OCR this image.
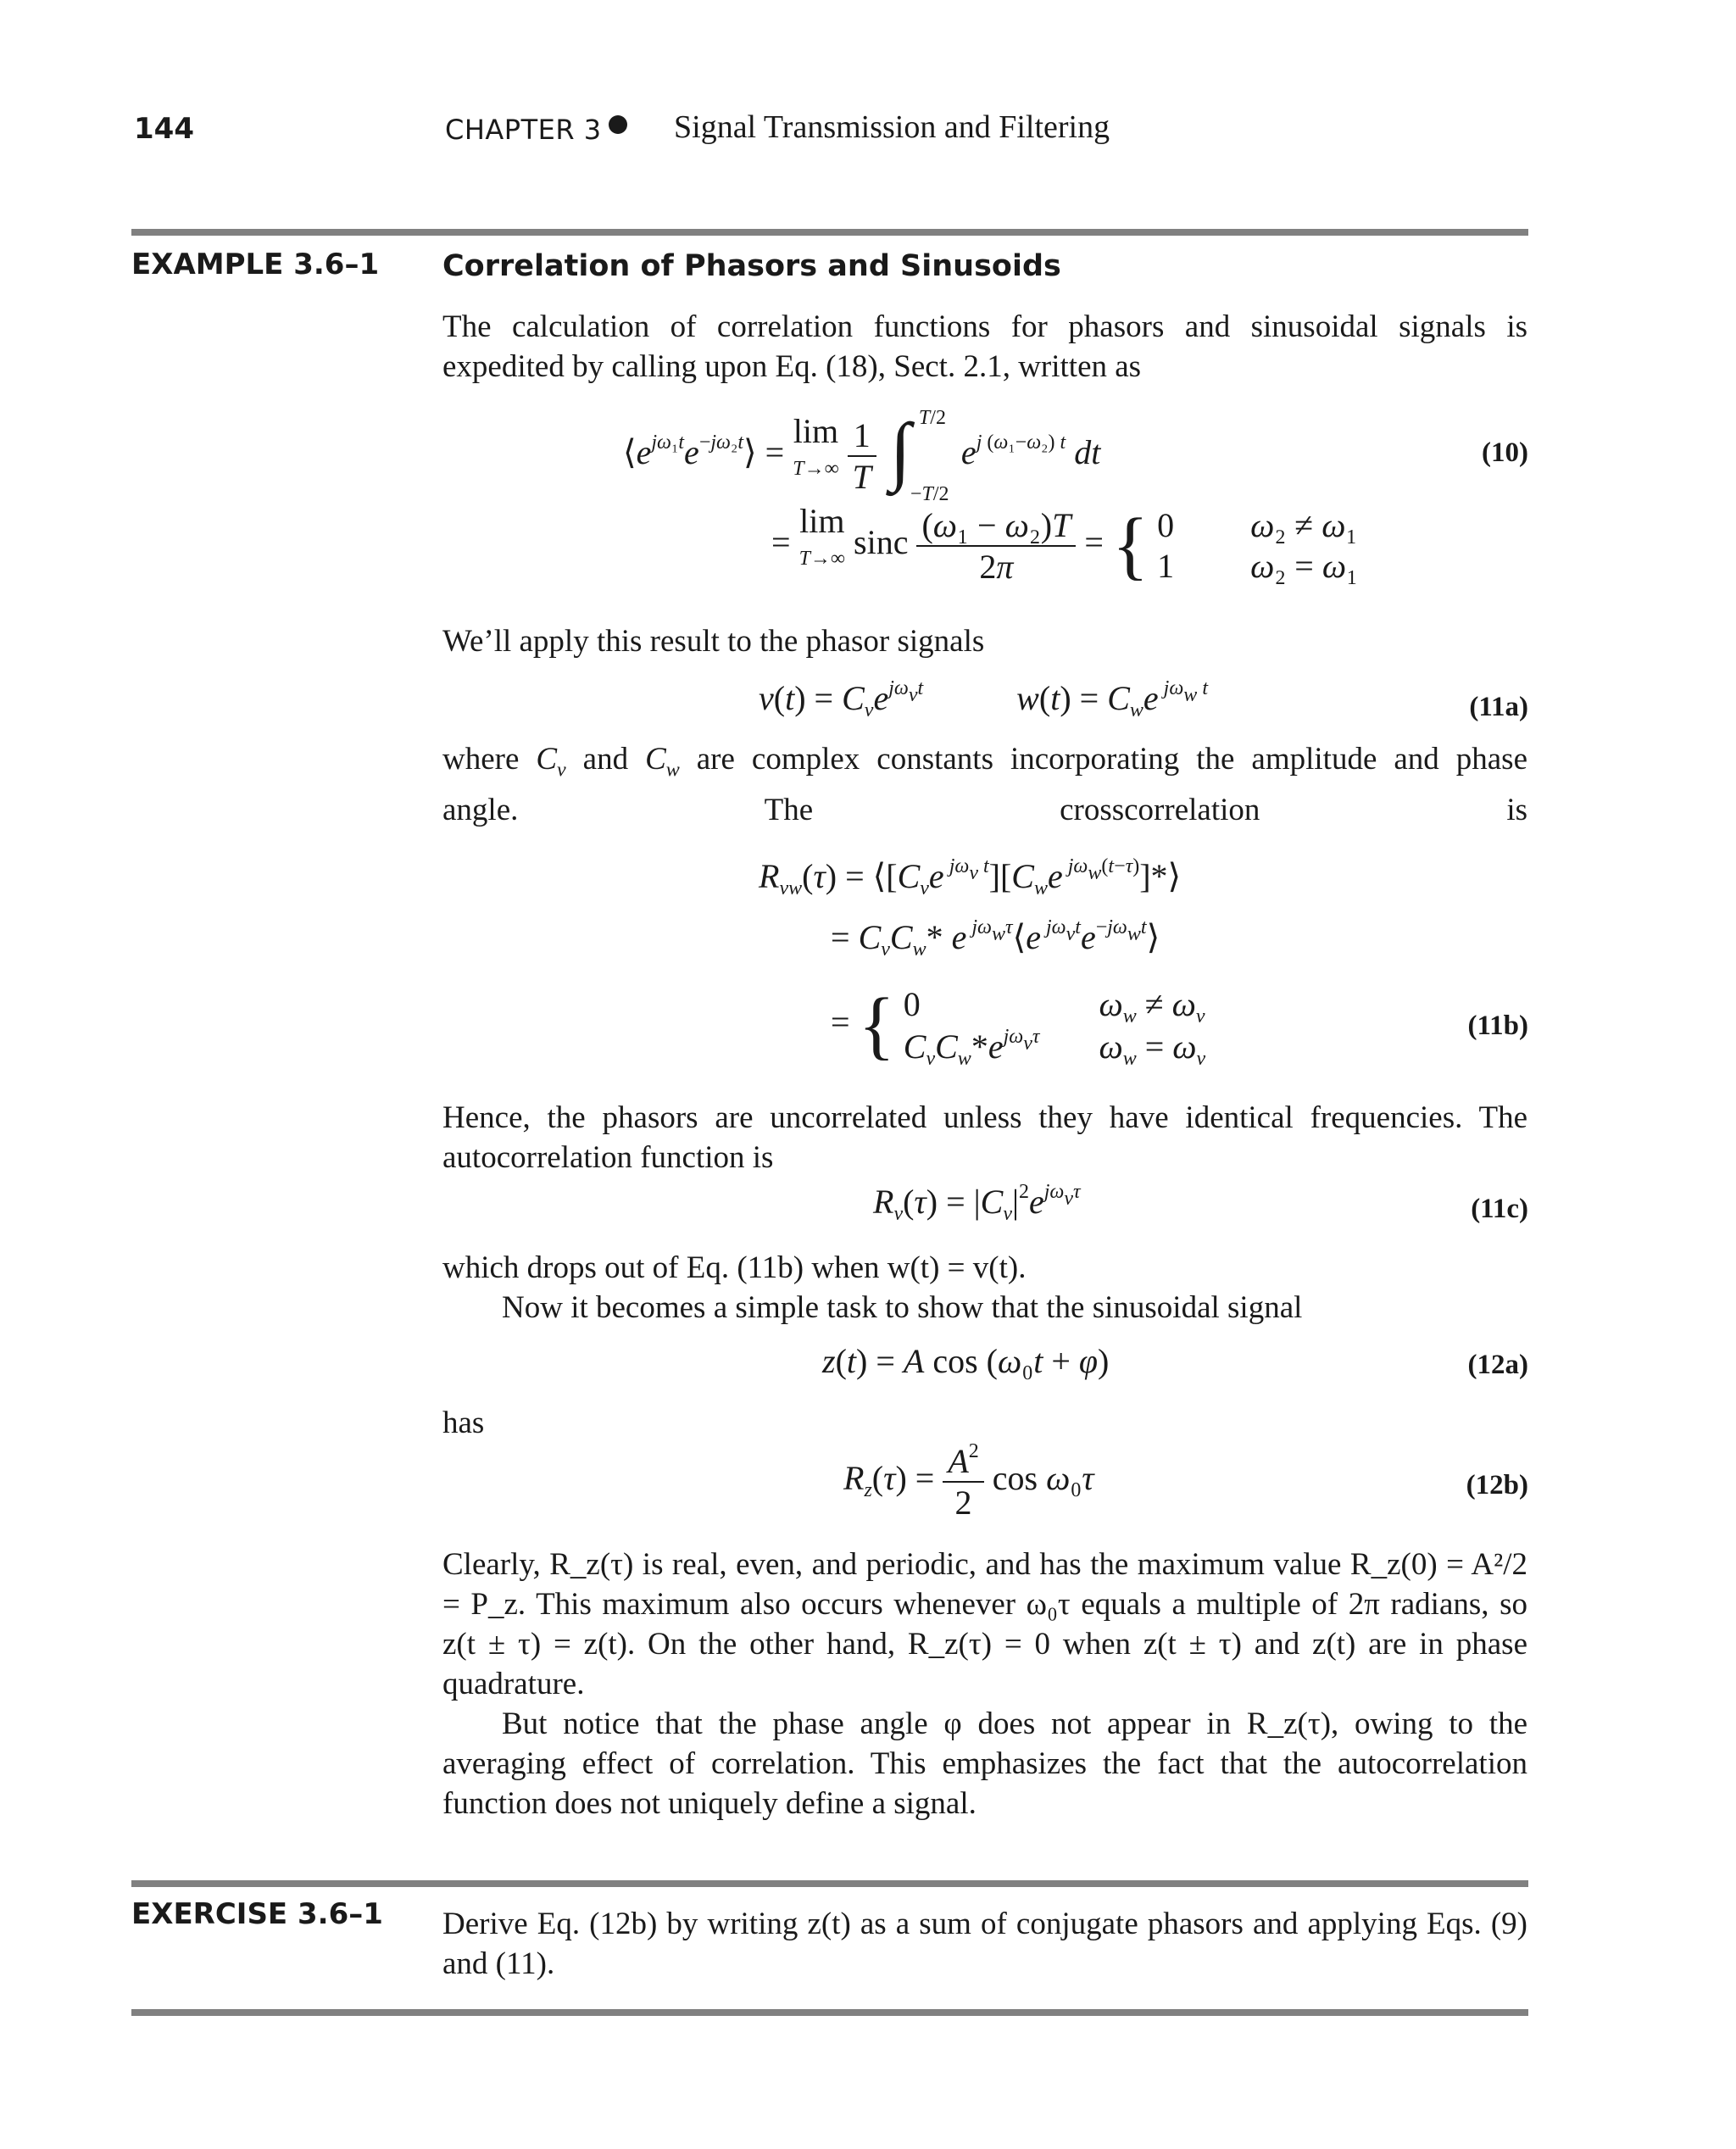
144	CHAPTER 3 Signal Transmission and Filtering
EXAMPLE 3.6–1 Correlation of Phasors and Sinusoids
The calculation of correlation functions for phasors and sinusoidal signals is expedited by calling upon Eq. (18), Sect. 2.1, written as
$⟨e^{j\omega_1t}e^{-j\omega_2t}⟩ = \lim$
$T\to\infty \frac{1}{T}$
∫ T/2
−T/2
$e^{j (\omega_1-\omega_2) t}$ dt	(10)
= lim
T→∞ sinc $\frac{\text{(ω₁ − ω₂)T}}{2\pi}$ = { 0
1 ω₂ ≠ ω₁
ω₂ = ω₁
We’ll apply this result to the phasor signals
$v(t) = C_ve^{j\omega_vt}$	$w(t) = C_we$ $^{j\omega_w t}$
(11a)
where $C_v$ and $C_w$ are complex constants incorporating the amplitude and phase
angle. The crosscorrelation is
$R_{vw}(\tau)$ = $⟨[C_ve$ $^{j\omega_v t}][C_we$ $^{j\omega_w(t-\tau)}$]*⟩
= $C_vC_w*$ e $^{j\omega_w\tau}$⟨e $^{j\omega_vt}e^{-j\omega_wt}⟩$
= { 0
$C_vC_w*e^{j\omega_v\tau}$ $\omega_w \ne \omega_v$
$\omega_w = \omega_v$
(11b)
Hence, the phasors are uncorrelated unless they have identical frequencies. The autocorrelation function is
$R_v(\tau) = |C_v|^2e^{j\omega_v\tau}$
(11c)
which drops out of Eq. (11b) when w(t) = v(t).
Now it becomes a simple task to show that the sinusoidal signal
z(t) = A cos (ω₀t + φ)	(12a)
has
$R_z(\tau) = \frac{A^2}{2}$ cos ω₀τ	(12b)
Clearly, R_z(τ) is real, even, and periodic, and has the maximum value R_z(0) = A²/2 = P_z. This maximum also occurs whenever ω₀τ equals a multiple of 2π radians, so z(t ± τ) = z(t). On the other hand, R_z(τ) = 0 when z(t ± τ) and z(t) are in phase quadrature.
But notice that the phase angle φ does not appear in R_z(τ), owing to the averaging effect of correlation. This emphasizes the fact that the autocorrelation function does not uniquely define a signal.
EXERCISE 3.6–1 Derive Eq. (12b) by writing z(t) as a sum of conjugate phasors and applying Eqs. (9) and (11).
